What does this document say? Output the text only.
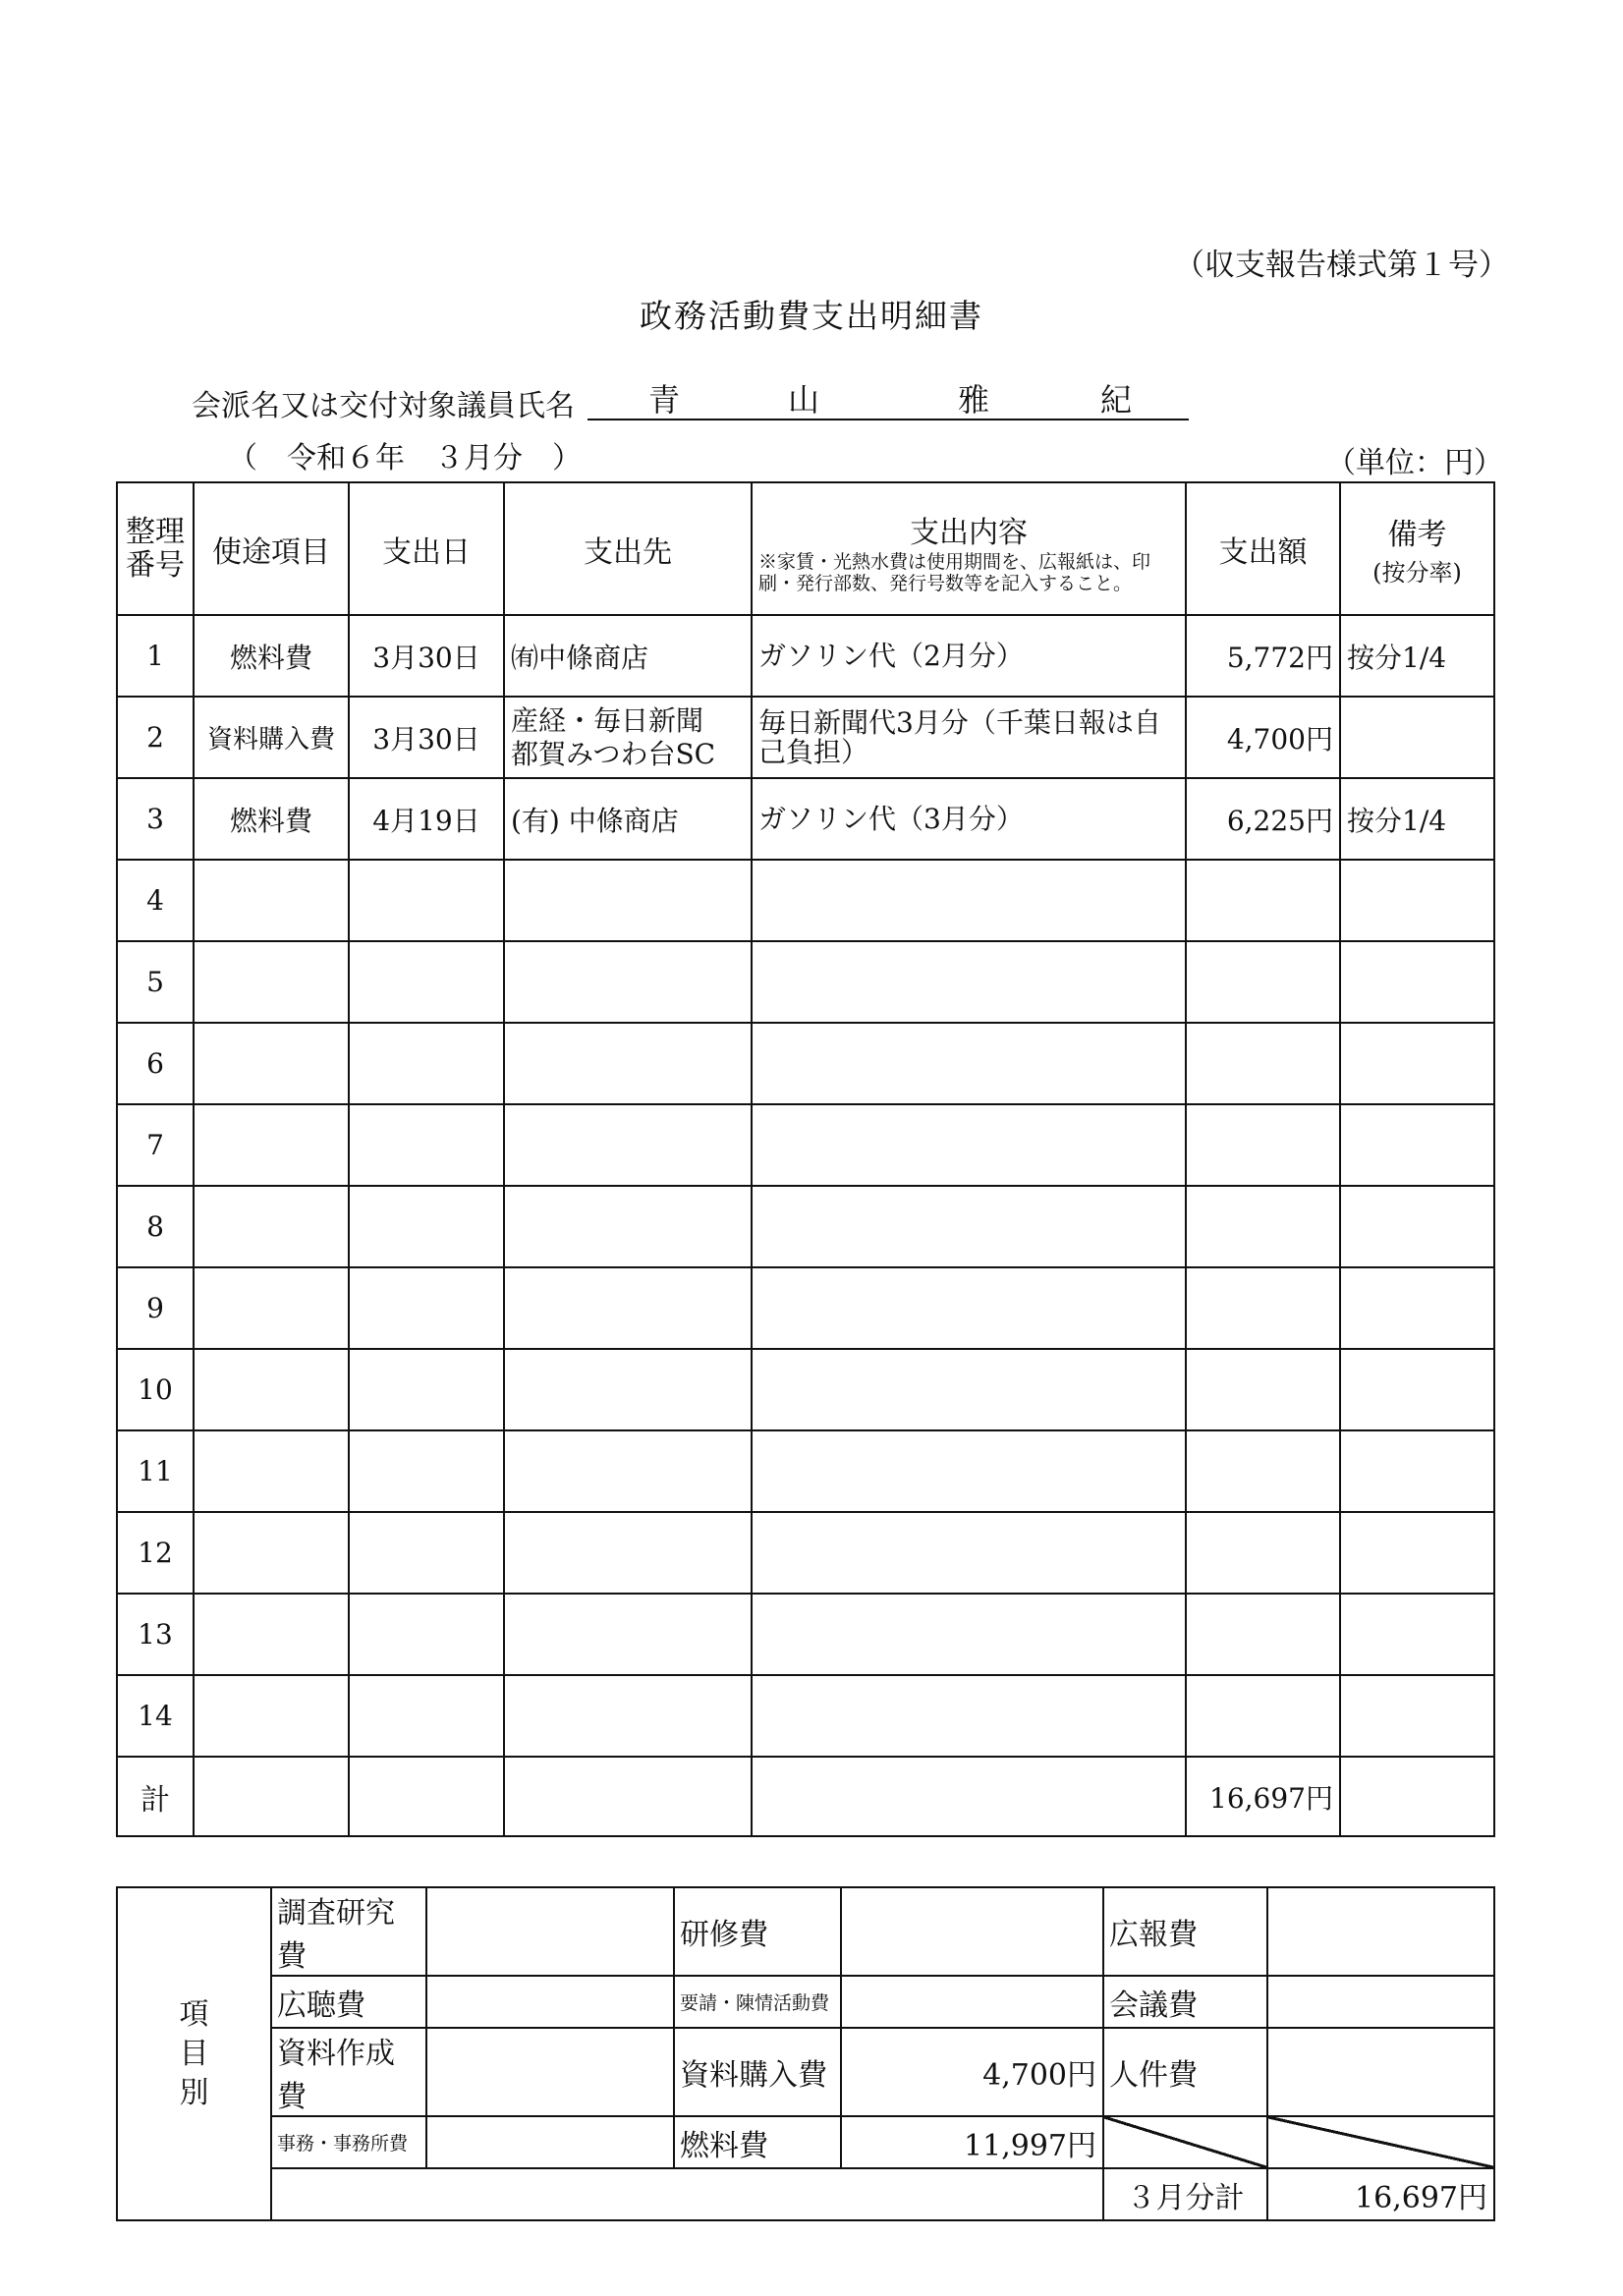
（収支報告様式第１号）
政務活動費支出明細書
会派名又は交付対象議員氏名 青	山	雅	紀
（　令和６年　３月分　）	（単位：円）
整理番号	使途項目	支出日	支出先	支出内容
※家賃・光熱水費は使用期間を、広報紙は、印刷・発行部数、発行号数等を記入すること。	支出額	備考
(按分率)

1	燃料費	3月30日	㈲中條商店	ガソリン代（2月分）	5,772円	按分1/4
2	資料購入費	3月30日	産経・毎日新聞
都賀みつわ台SC	毎日新聞代3月分（千葉日報は自己負担）	4,700円	
3	燃料費	4月19日	(有) 中條商店	ガソリン代（3月分）	6,225円	按分1/4
4						
5						
6						
7						
8						
9						
10						
11						
12						
13						
14						
計					16,697円	
項目別	調査研究費		研修費		広報費	
	広聴費		要請・陳情活動費		会議費	
	資料作成費		資料購入費	4,700円	人件費	
	事務・事務所費		燃料費	11,997円		
					３月分計	16,697円
